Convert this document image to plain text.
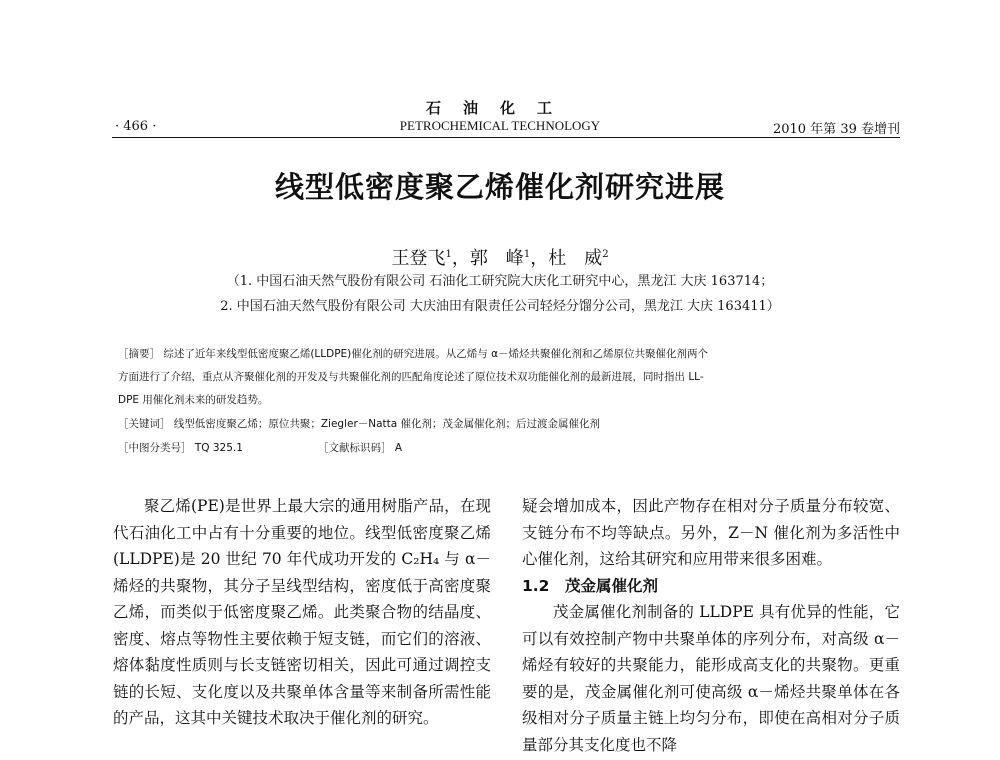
石油化工
· 466 ·	PETROCHEMICAL TECHNOLOGY	2010 年第 39 卷增刊
线型低密度聚乙烯催化剂研究进展
王登飞$^1$，郭　峰$^1$，杜　威$^2$
（1. 中国石油天然气股份有限公司 石油化工研究院大庆化工研究中心，黑龙江 大庆 163714；
2. 中国石油天然气股份有限公司 大庆油田有限责任公司轻烃分馏分公司，黑龙江 大庆 163411）
［摘要］ 综述了近年来线型低密度聚乙烯(LLDPE)催化剂的研究进展。从乙烯与 α－烯烃共聚催化剂和乙烯原位共聚催化剂两个
方面进行了介绍，重点从齐聚催化剂的开发及与共聚催化剂的匹配角度论述了原位技术双功能催化剂的最新进展，同时指出 LL-
DPE 用催化剂未来的研发趋势。
［关键词］ 线型低密度聚乙烯；原位共聚；Ziegler－Natta 催化剂；茂金属催化剂；后过渡金属催化剂
［中图分类号］ TQ 325.1	［文献标识码］ A

聚乙烯(PE)是世界上最大宗的通用树脂产品，在现代石油化工中占有十分重要的地位。线型低密度聚乙烯(LLDPE)是 20 世纪 70 年代成功开发的 C₂H₄ 与 α－烯烃的共聚物，其分子呈线型结构，密度低于高密度聚乙烯，而类似于低密度聚乙烯。此类聚合物的结晶度、密度、熔点等物性主要依赖于短支链，而它们的溶液、熔体黏度性质则与长支链密切相关，因此可通过调控支链的长短、支化度以及共聚单体含量等来制备所需性能的产品，这其中关键技术取决于催化剂的研究。

疑会增加成本，因此产物存在相对分子质量分布较宽、支链分布不均等缺点。另外，Z－N 催化剂为多活性中心催化剂，这给其研究和应用带来很多困难。

1.2　茂金属催化剂

茂金属催化剂制备的 LLDPE 具有优异的性能，它可以有效控制产物中共聚单体的序列分布，对高级 α－烯烃有较好的共聚能力，能形成高支化的共聚物。更重要的是，茂金属催化剂可使高级 α－烯烃共聚单体在各级相对分子质量主链上均匀分布，即使在高相对分子质量部分其支化度也不降
